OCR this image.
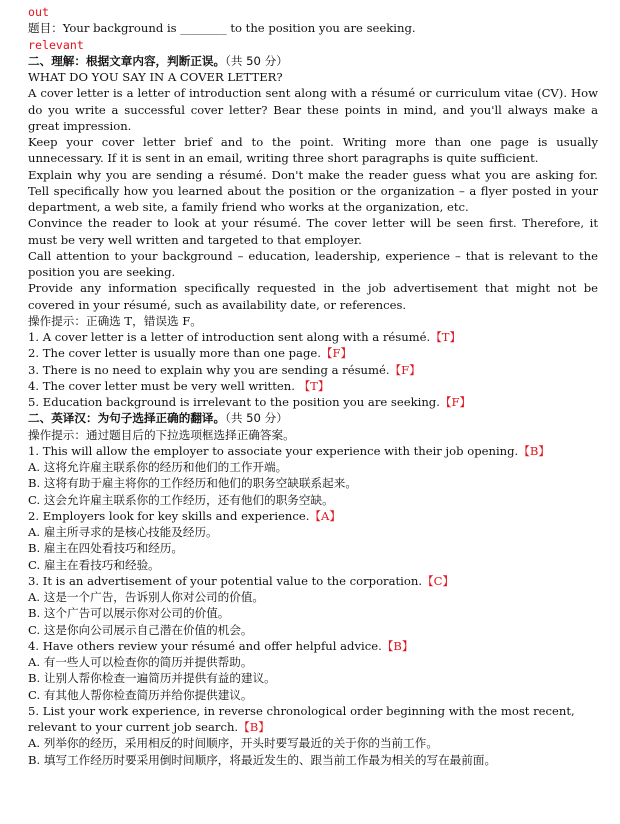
out
题目：Your background is ________ to the position you are seeking.
relevant
二、理解：根据文章内容，判断正误。（共 50 分）
WHAT DO YOU SAY IN A COVER LETTER?
A cover letter is a letter of introduction sent along with a résumé or curriculum vitae (CV). How do you write a successful cover letter? Bear these points in mind, and you'll always make a great impression.
Keep your cover letter brief and to the point. Writing more than one page is usually unnecessary. If it is sent in an email, writing three short paragraphs is quite sufficient.
Explain why you are sending a résumé. Don't make the reader guess what you are asking for. Tell specifically how you learned about the position or the organization – a flyer posted in your department, a web site, a family friend who works at the organization, etc.
Convince the reader to look at your résumé. The cover letter will be seen first. Therefore, it must be very well written and targeted to that employer.
Call attention to your background – education, leadership, experience – that is relevant to the position you are seeking.
Provide any information specifically requested in the job advertisement that might not be covered in your résumé, such as availability date, or references.
操作提示：正确选 T，错误选 F。
1. A cover letter is a letter of introduction sent along with a résumé.【T】
2. The cover letter is usually more than one page.【F】
3. There is no need to explain why you are sending a résumé.【F】
4. The cover letter must be very well written. 【T】
5. Education background is irrelevant to the position you are seeking.【F】
二、英译汉：为句子选择正确的翻译。（共 50 分）
操作提示：通过题目后的下拉选项框选择正确答案。
1. This will allow the employer to associate your experience with their job opening.【B】
A. 这将允许雇主联系你的经历和他们的工作开端。
B. 这将有助于雇主将你的工作经历和他们的职务空缺联系起来。
C. 这会允许雇主联系你的工作经历，还有他们的职务空缺。
2. Employers look for key skills and experience.【A】
A. 雇主所寻求的是核心技能及经历。
B. 雇主在四处看技巧和经历。
C. 雇主在看技巧和经验。
3. It is an advertisement of your potential value to the corporation.【C】
A. 这是一个广告，告诉别人你对公司的价值。
B. 这个广告可以展示你对公司的价值。
C. 这是你向公司展示自己潜在价值的机会。
4. Have others review your résumé and offer helpful advice.【B】
A. 有一些人可以检查你的简历并提供帮助。
B. 让别人帮你检查一遍简历并提供有益的建议。
C. 有其他人帮你检查简历并给你提供建议。
5. List your work experience, in reverse chronological order beginning with the most recent,
relevant to your current job search.【B】
A. 列举你的经历，采用相反的时间顺序，开头时要写最近的关于你的当前工作。
B. 填写工作经历时要采用倒时间顺序，将最近发生的、跟当前工作最为相关的写在最前面。
